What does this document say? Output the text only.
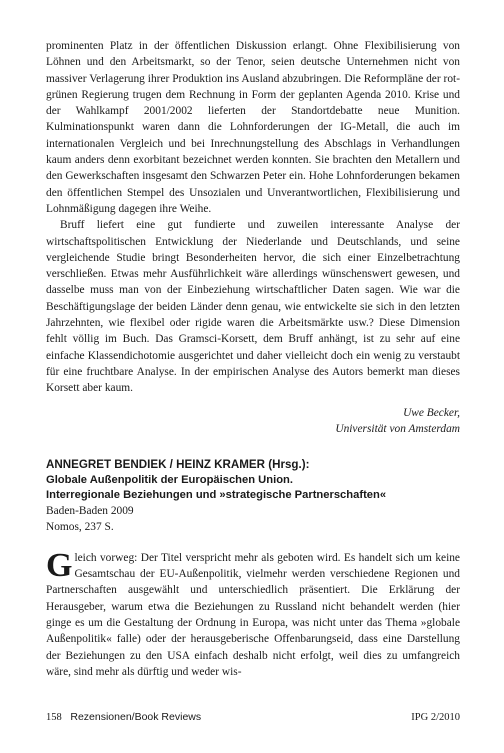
prominenten Platz in der öffentlichen Diskussion erlangt. Ohne Flexibilisierung von Löhnen und den Arbeitsmarkt, so der Tenor, seien deutsche Unternehmen nicht von massiver Verlagerung ihrer Produktion ins Ausland abzubringen. Die Reformpläne der rot-grünen Regierung trugen dem Rechnung in Form der geplanten Agenda 2010. Krise und der Wahlkampf 2001/2002 lieferten der Standortdebatte neue Munition. Kulminationspunkt waren dann die Lohnforderungen der IG-Metall, die auch im internationalen Vergleich und bei Inrechnungstellung des Abschlags in Verhandlungen kaum anders denn exorbitant bezeichnet werden konnten. Sie brachten den Metallern und den Gewerkschaften insgesamt den Schwarzen Peter ein. Hohe Lohnforderungen bekamen den öffentlichen Stempel des Unsozialen und Unverantwortlichen, Flexibilisierung und Lohnmäßigung dagegen ihre Weihe.

Bruff liefert eine gut fundierte und zuweilen interessante Analyse der wirtschaftspolitischen Entwicklung der Niederlande und Deutschlands, und seine vergleichende Studie bringt Besonderheiten hervor, die sich einer Einzelbetrachtung verschließen. Etwas mehr Ausführlichkeit wäre allerdings wünschenswert gewesen, und dasselbe muss man von der Einbeziehung wirtschaftlicher Daten sagen. Wie war die Beschäftigungslage der beiden Länder denn genau, wie entwickelte sie sich in den letzten Jahrzehnten, wie flexibel oder rigide waren die Arbeitsmärkte usw.? Diese Dimension fehlt völlig im Buch. Das Gramsci-Korsett, dem Bruff anhängt, ist zu sehr auf eine einfache Klassendichotomie ausgerichtet und daher vielleicht doch ein wenig zu verstaubt für eine fruchtbare Analyse. In der empirischen Analyse des Autors bemerkt man dieses Korsett aber kaum.

Uwe Becker,

Universität von Amsterdam

ANNEGRET BENDIEK / HEINZ KRAMER (Hrsg.):

Globale Außenpolitik der Europäischen Union.

Interregionale Beziehungen und »strategische Partnerschaften«

Baden-Baden 2009

Nomos, 237 S.

Gleich vorweg: Der Titel verspricht mehr als geboten wird. Es handelt sich um keine Gesamtschau der EU-Außenpolitik, vielmehr werden verschiedene Regionen und Partnerschaften ausgewählt und unterschiedlich präsentiert. Die Erklärung der Herausgeber, warum etwa die Beziehungen zu Russland nicht behandelt werden (hier ginge es um die Gestaltung der Ordnung in Europa, was nicht unter das Thema »globale Außenpolitik« falle) oder der herausgeberische Offenbarungseid, dass eine Darstellung der Beziehungen zu den USA einfach deshalb nicht erfolgt, weil dies zu umfangreich wäre, sind mehr als dürftig und weder wis-

158 Rezensionen/Book Reviews	IPG 2/2010
